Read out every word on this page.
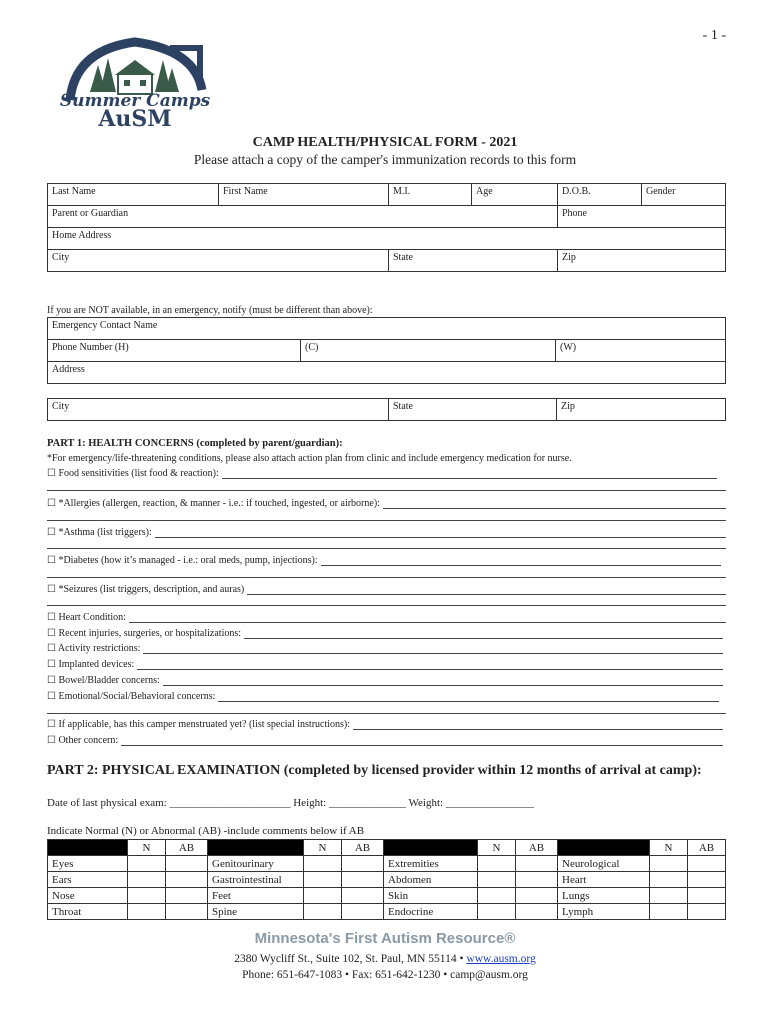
- 1 -
Summer Camps
AuSM
CAMP HEALTH/PHYSICAL FORM - 2021
Please attach a copy of the camper's immunization records to this form
Last Name	First Name	M.I.	Age	D.O.B.	Gender
Parent or Guardian				Phone	
Home Address					
City		State		Zip	
If you are NOT available, in an emergency, notify (must be different than above):
Emergency Contact Name
Phone Number (H)	(C)	(W)
Address
City	State	Zip
PART 1: HEALTH CONCERNS (completed by parent/guardian):
*For emergency/life-threatening conditions, please also attach action plan from clinic and include emergency medication for nurse.
☐ Food sensitivities (list food & reaction):
☐ *Allergies (allergen, reaction, & manner - i.e.: if touched, ingested, or airborne):
☐ *Asthma (list triggers):
☐ *Diabetes (how it’s managed - i.e.: oral meds, pump, injections):
☐ *Seizures (list triggers, description, and auras)
☐ Heart Condition:
☐ Recent injuries, surgeries, or hospitalizations:
☐ Activity restrictions:
☐ Implanted devices:
☐ Bowel/Bladder concerns:
☐ Emotional/Social/Behavioral concerns:
☐ If applicable, has this camper menstruated yet? (list special instructions):
☐ Other concern:
PART 2: PHYSICAL EXAMINATION (completed by licensed provider within 12 months of arrival at camp):
Date of last physical exam: ______________________ Height: ______________ Weight: ________________
Indicate Normal (N) or Abnormal (AB) -include comments below if AB
	N	AB		N	AB		N	AB		N	AB
Eyes			Genitourinary			Extremities			Neurological		
Ears			Gastrointestinal			Abdomen			Heart		
Nose			Feet			Skin			Lungs		
Throat			Spine			Endocrine			Lymph		
Minnesota's First Autism Resource®
2380 Wycliff St., Suite 102, St. Paul, MN 55114 • www.ausm.org
Phone: 651-647-1083 • Fax: 651-642-1230 • camp@ausm.org
